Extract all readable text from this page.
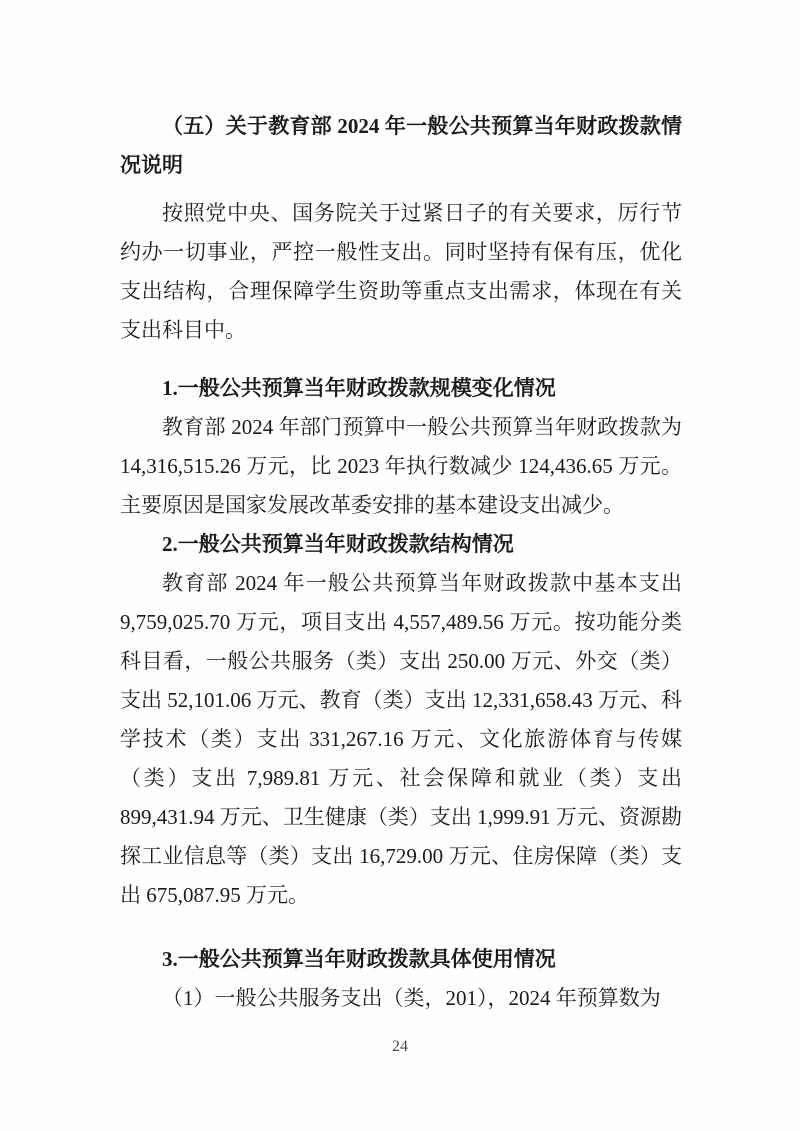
（五）关于教育部 2024 年一般公共预算当年财政拨款情况说明

按照党中央、国务院关于过紧日子的有关要求，厉行节约办一切事业，严控一般性支出。同时坚持有保有压，优化支出结构，合理保障学生资助等重点支出需求，体现在有关支出科目中。

1.一般公共预算当年财政拨款规模变化情况

教育部 2024 年部门预算中一般公共预算当年财政拨款为 14,316,515.26 万元，比 2023 年执行数减少 124,436.65 万元。主要原因是国家发展改革委安排的基本建设支出减少。

2.一般公共预算当年财政拨款结构情况

教育部 2024 年一般公共预算当年财政拨款中基本支出 9,759,025.70 万元，项目支出 4,557,489.56 万元。按功能分类科目看，一般公共服务（类）支出 250.00 万元、外交（类）支出 52,101.06 万元、教育（类）支出 12,331,658.43 万元、科学技术（类）支出 331,267.16 万元、文化旅游体育与传媒（类）支出 7,989.81 万元、社会保障和就业（类）支出 899,431.94 万元、卫生健康（类）支出 1,999.91 万元、资源勘探工业信息等（类）支出 16,729.00 万元、住房保障（类）支出 675,087.95 万元。

3.一般公共预算当年财政拨款具体使用情况

（1）一般公共服务支出（类，201），2024 年预算数为

24
